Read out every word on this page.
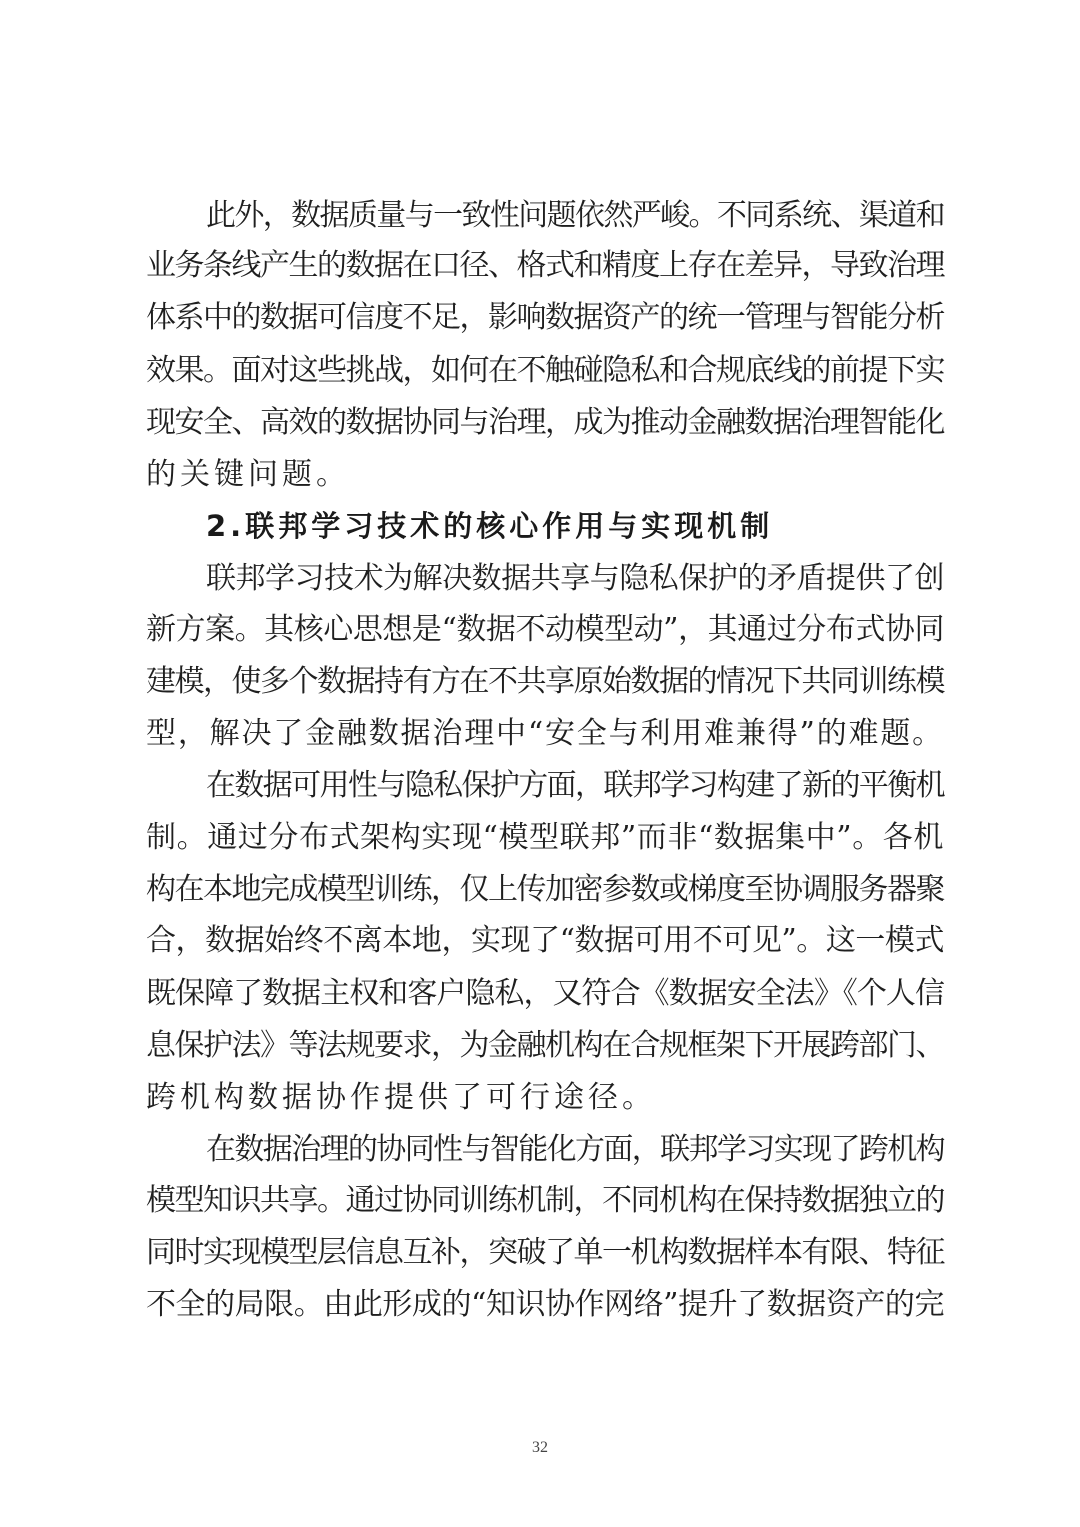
此外，数据质量与一致性问题依然严峻。不同系统、渠道和
业务条线产生的数据在口径、格式和精度上存在差异，导致治理
体系中的数据可信度不足，影响数据资产的统一管理与智能分析
效果。面对这些挑战，如何在不触碰隐私和合规底线的前提下实
现安全、高效的数据协同与治理，成为推动金融数据治理智能化
的关键问题。
2.联邦学习技术的核心作用与实现机制
联邦学习技术为解决数据共享与隐私保护的矛盾提供了创
新方案。其核心思想是“数据不动模型动”，其通过分布式协同
建模，使多个数据持有方在不共享原始数据的情况下共同训练模
型，解决了金融数据治理中“安全与利用难兼得”的难题。
在数据可用性与隐私保护方面，联邦学习构建了新的平衡机
制。通过分布式架构实现“模型联邦”而非“数据集中”。各机
构在本地完成模型训练，仅上传加密参数或梯度至协调服务器聚
合，数据始终不离本地，实现了“数据可用不可见”。这一模式
既保障了数据主权和客户隐私，又符合《数据安全法》《个人信
息保护法》等法规要求，为金融机构在合规框架下开展跨部门、
跨机构数据协作提供了可行途径。
在数据治理的协同性与智能化方面，联邦学习实现了跨机构
模型知识共享。通过协同训练机制，不同机构在保持数据独立的
同时实现模型层信息互补，突破了单一机构数据样本有限、特征
不全的局限。由此形成的“知识协作网络”提升了数据资产的完
32
